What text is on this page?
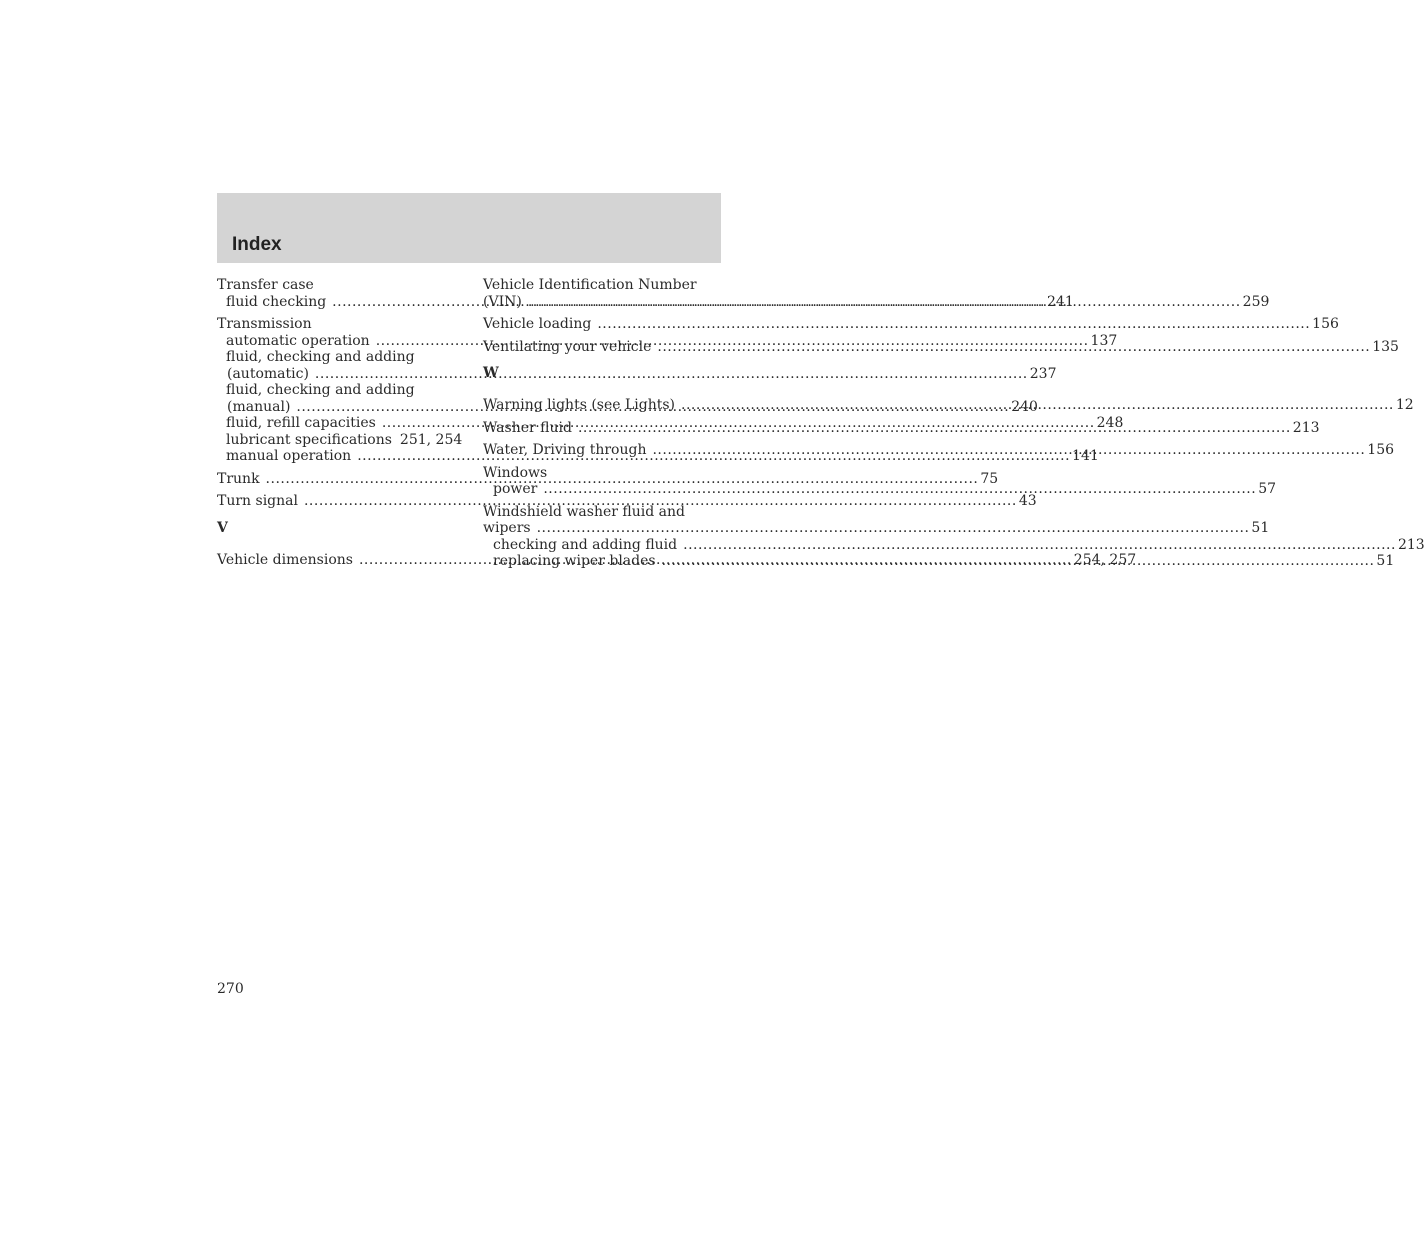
Index
Transfer case
fluid checking .....	241
Transmission
automatic operation .....	137
fluid, checking and adding
(automatic) .....	237
fluid, checking and adding
(manual) .....	240
fluid, refill capacities .....	248
lubricant specifications 251, 254
manual operation .....	141
Trunk .....	75
Turn signal .....	43
V
Vehicle dimensions .....	254, 257
Vehicle Identification Number
(VIN) .....	259
Vehicle loading .....	156
Ventilating your vehicle .....	135
W
Warning lights (see Lights) .....	12
Washer fluid .....	213
Water, Driving through .....	156
Windows
power .....	57
Windshield washer fluid and
wipers .....	51
checking and adding fluid .....	213
replacing wiper blades .....	51
270
